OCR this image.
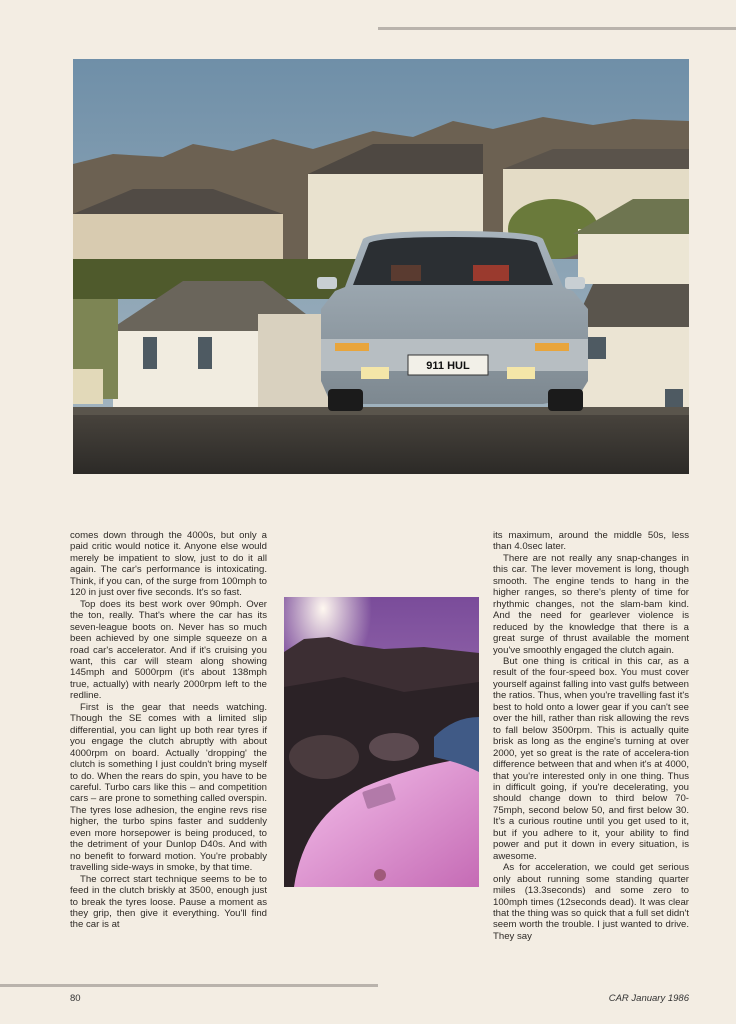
911 HUL

comes down through the 4000s, but only a paid critic would notice it. Anyone else would merely be impatient to slow, just to do it all again. The car's performance is intoxicating. Think, if you can, of the surge from 100mph to 120 in just over five seconds. It's so fast.

Top does its best work over 90mph. Over the ton, really. That's where the car has its seven-league boots on. Never has so much been achieved by one simple squeeze on a road car's accelerator. And if it's cruising you want, this car will steam along showing 145mph and 5000rpm (it's about 138mph true, actually) with nearly 2000rpm left to the redline.

First is the gear that needs watching. Though the SE comes with a limited slip differential, you can light up both rear tyres if you engage the clutch abruptly with about 4000rpm on board. Actually 'dropping' the clutch is something I just couldn't bring myself to do. When the rears do spin, you have to be careful. Turbo cars like this – and competition cars – are prone to something called overspin. The tyres lose adhesion, the engine revs rise higher, the turbo spins faster and suddenly even more horsepower is being produced, to the detriment of your Dunlop D40s. And with no benefit to forward motion. You're probably travelling side-ways in smoke, by that time.

The correct start technique seems to be to feed in the clutch briskly at 3500, enough just to break the tyres loose. Pause a moment as they grip, then give it everything. You'll find the car is at

its maximum, around the middle 50s, less than 4.0sec later.

There are not really any snap-changes in this car. The lever movement is long, though smooth. The engine tends to hang in the higher ranges, so there's plenty of time for rhythmic changes, not the slam-bam kind. And the need for gearlever violence is reduced by the knowledge that there is a great surge of thrust available the moment you've smoothly engaged the clutch again.

But one thing is critical in this car, as a result of the four-speed box. You must cover yourself against falling into vast gulfs between the ratios. Thus, when you're travelling fast it's best to hold onto a lower gear if you can't see over the hill, rather than risk allowing the revs to fall below 3500rpm. This is actually quite brisk as long as the engine's turning at over 2000, yet so great is the rate of accelera-tion difference between that and when it's at 4000, that you're interested only in one thing. Thus in difficult going, if you're decelerating, you should change down to third below 70-75mph, second below 50, and first below 30. It's a curious routine until you get used to it, but if you adhere to it, your ability to find power and put it down in every situation, is awesome.

As for acceleration, we could get serious only about running some standing quarter miles (13.3seconds) and some zero to 100mph times (12seconds dead). It was clear that the thing was so quick that a full set didn't seem worth the trouble. I just wanted to drive. They say

80	CAR January 1986
